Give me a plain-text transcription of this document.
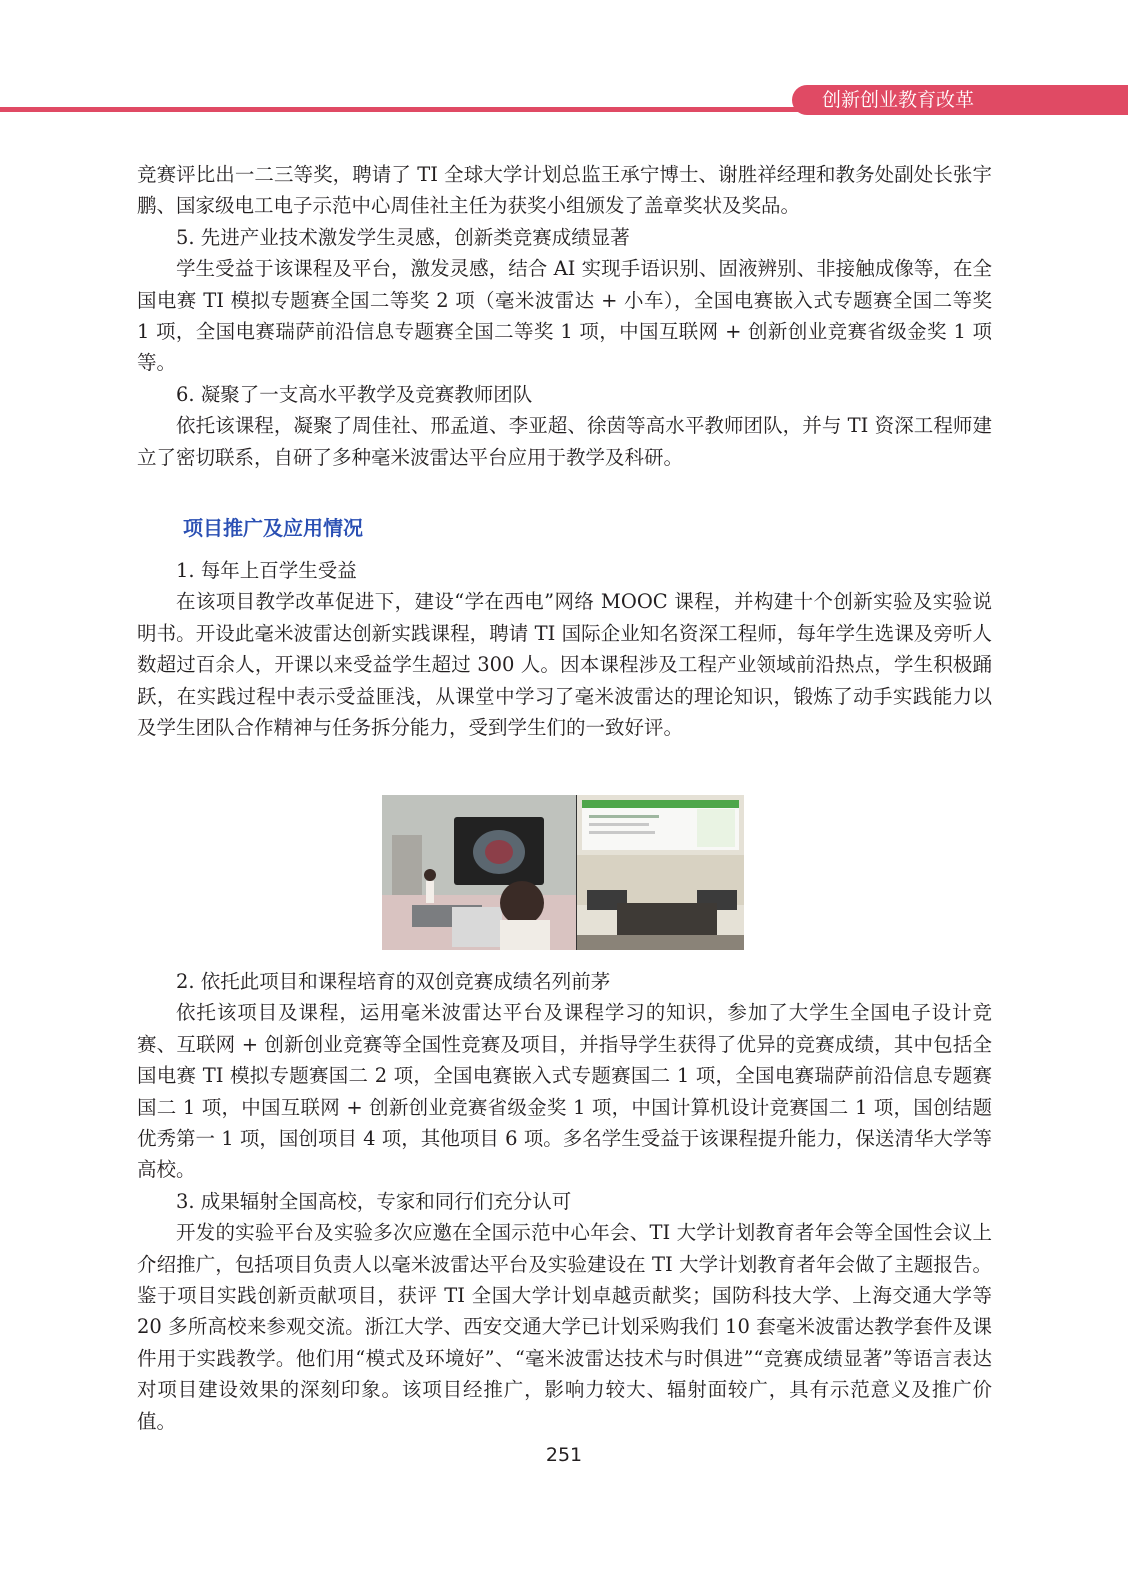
创新创业教育改革

竞赛评比出一二三等奖，聘请了 TI 全球大学计划总监王承宁博士、谢胜祥经理和教务处副处长张宇鹏、国家级电工电子示范中心周佳社主任为获奖小组颁发了盖章奖状及奖品。

5. 先进产业技术激发学生灵感，创新类竞赛成绩显著

学生受益于该课程及平台，激发灵感，结合 AI 实现手语识别、固液辨别、非接触成像等，在全国电赛 TI 模拟专题赛全国二等奖 2 项（毫米波雷达 + 小车），全国电赛嵌入式专题赛全国二等奖 1 项，全国电赛瑞萨前沿信息专题赛全国二等奖 1 项，中国互联网 + 创新创业竞赛省级金奖 1 项等。

6. 凝聚了一支高水平教学及竞赛教师团队

依托该课程，凝聚了周佳社、邢孟道、李亚超、徐茵等高水平教师团队，并与 TI 资深工程师建立了密切联系，自研了多种毫米波雷达平台应用于教学及科研。

项目推广及应用情况

1. 每年上百学生受益

在该项目教学改革促进下，建设“学在西电”网络 MOOC 课程，并构建十个创新实验及实验说明书。开设此毫米波雷达创新实践课程，聘请 TI 国际企业知名资深工程师，每年学生选课及旁听人数超过百余人，开课以来受益学生超过 300 人。因本课程涉及工程产业领域前沿热点，学生积极踊跃，在实践过程中表示受益匪浅，从课堂中学习了毫米波雷达的理论知识，锻炼了动手实践能力以及学生团队合作精神与任务拆分能力，受到学生们的一致好评。

2. 依托此项目和课程培育的双创竞赛成绩名列前茅

依托该项目及课程，运用毫米波雷达平台及课程学习的知识，参加了大学生全国电子设计竞赛、互联网 + 创新创业竞赛等全国性竞赛及项目，并指导学生获得了优异的竞赛成绩，其中包括全国电赛 TI 模拟专题赛国二 2 项，全国电赛嵌入式专题赛国二 1 项，全国电赛瑞萨前沿信息专题赛国二 1 项，中国互联网 + 创新创业竞赛省级金奖 1 项，中国计算机设计竞赛国二 1 项，国创结题优秀第一 1 项，国创项目 4 项，其他项目 6 项。多名学生受益于该课程提升能力，保送清华大学等高校。

3. 成果辐射全国高校，专家和同行们充分认可

开发的实验平台及实验多次应邀在全国示范中心年会、TI 大学计划教育者年会等全国性会议上介绍推广，包括项目负责人以毫米波雷达平台及实验建设在 TI 大学计划教育者年会做了主题报告。鉴于项目实践创新贡献项目，获评 TI 全国大学计划卓越贡献奖；国防科技大学、上海交通大学等 20 多所高校来参观交流。浙江大学、西安交通大学已计划采购我们 10 套毫米波雷达教学套件及课件用于实践教学。他们用“模式及环境好”、“毫米波雷达技术与时俱进”“竞赛成绩显著”等语言表达对项目建设效果的深刻印象。该项目经推广，影响力较大、辐射面较广，具有示范意义及推广价值。

251
